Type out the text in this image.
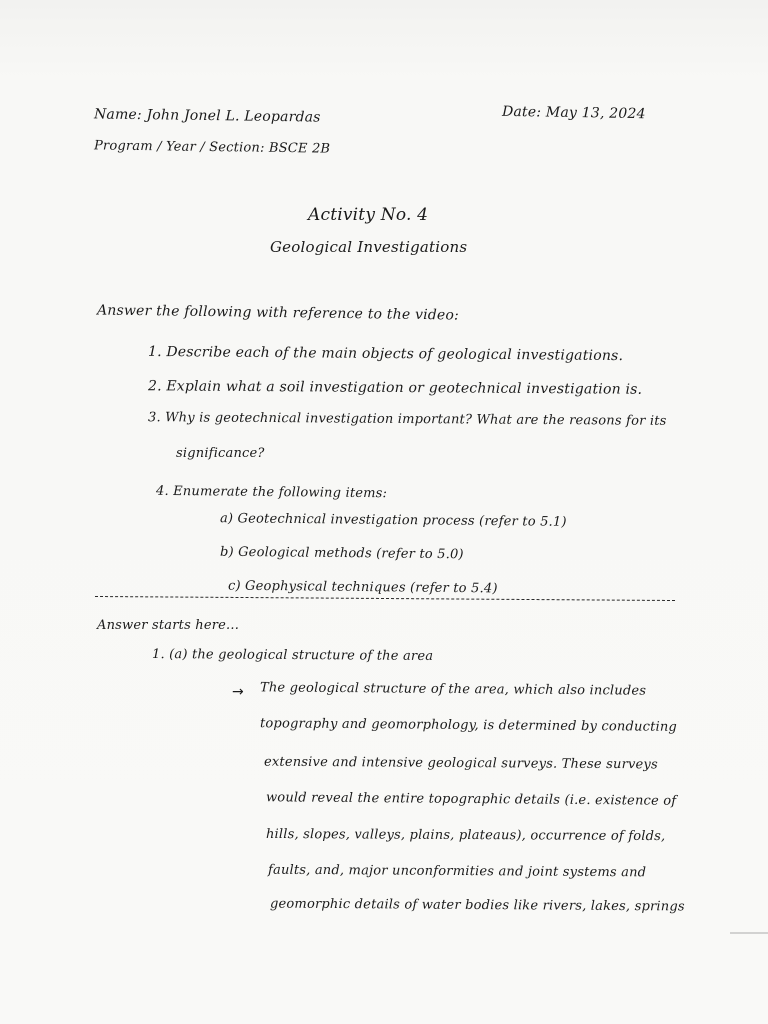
Name: John Jonel L. Leopardas
Program / Year / Section: BSCE 2B
Date: May 13, 2024
Activity No. 4
Geological Investigations
Answer the following with reference to the video:
1. Describe each of the main objects of geological investigations.
2. Explain what a soil investigation or geotechnical investigation is.
3. Why is geotechnical investigation important? What are the reasons for its
significance?
4. Enumerate the following items:
a) Geotechnical investigation process (refer to 5.1)
b) Geological methods (refer to 5.0)
c) Geophysical techniques (refer to 5.4)
Answer starts here...
1. (a) the geological structure of the area
→ The geological structure of the area, which also includes
topography and geomorphology, is determined by conducting
extensive and intensive geological surveys. These surveys
would reveal the entire topographic details (i.e. existence of
hills, slopes, valleys, plains, plateaus), occurrence of folds,
faults, and, major unconformities and joint systems and
geomorphic details of water bodies like rivers, lakes, springs
